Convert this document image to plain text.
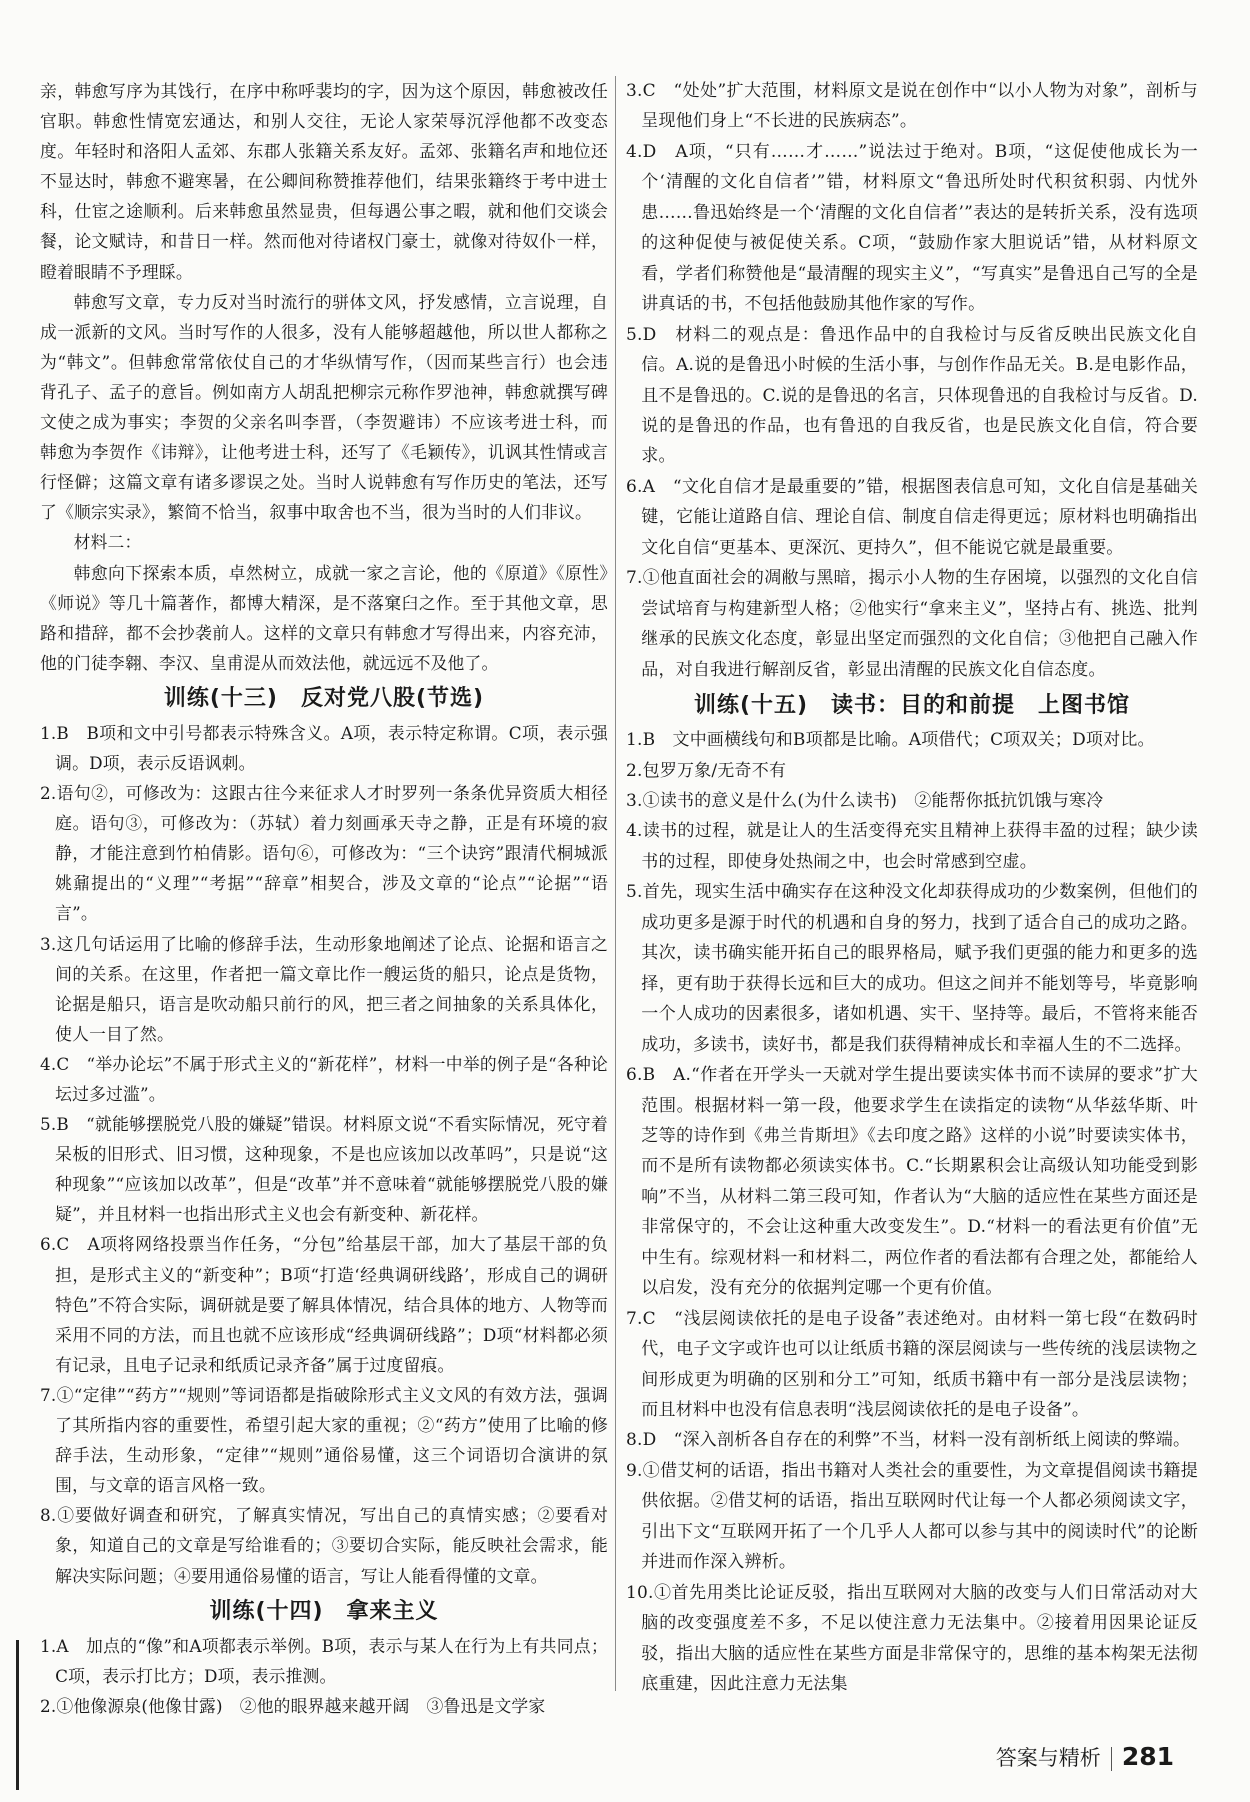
亲，韩愈写序为其饯行，在序中称呼裴均的字，因为这个原因，韩愈被改任官职。韩愈性情宽宏通达，和别人交往，无论人家荣辱沉浮他都不改变态度。年轻时和洛阳人孟郊、东郡人张籍关系友好。孟郊、张籍名声和地位还不显达时，韩愈不避寒暑，在公卿间称赞推荐他们，结果张籍终于考中进士科，仕宦之途顺利。后来韩愈虽然显贵，但每遇公事之暇，就和他们交谈会餐，论文赋诗，和昔日一样。然而他对待诸权门豪士，就像对待奴仆一样，瞪着眼睛不予理睬。

韩愈写文章，专力反对当时流行的骈体文风，抒发感情，立言说理，自成一派新的文风。当时写作的人很多，没有人能够超越他，所以世人都称之为“韩文”。但韩愈常常依仗自己的才华纵情写作，（因而某些言行）也会违背孔子、孟子的意旨。例如南方人胡乱把柳宗元称作罗池神，韩愈就撰写碑文使之成为事实；李贺的父亲名叫李晋，（李贺避讳）不应该考进士科，而韩愈为李贺作《讳辩》，让他考进士科，还写了《毛颖传》，讥讽其性情或言行怪僻；这篇文章有诸多谬误之处。当时人说韩愈有写作历史的笔法，还写了《顺宗实录》，繁简不恰当，叙事中取舍也不当，很为当时的人们非议。

材料二：

韩愈向下探索本质，卓然树立，成就一家之言论，他的《原道》《原性》《师说》等几十篇著作，都博大精深，是不落窠臼之作。至于其他文章，思路和措辞，都不会抄袭前人。这样的文章只有韩愈才写得出来，内容充沛，他的门徒李翱、李汉、皇甫湜从而效法他，就远远不及他了。

训练(十三)　反对党八股(节选)

1.B　B项和文中引号都表示特殊含义。A项，表示特定称谓。C项，表示强调。D项，表示反语讽刺。

2.语句②，可修改为：这跟古往今来征求人才时罗列一条条优异资质大相径庭。语句③，可修改为：（苏轼）着力刻画承天寺之静，正是有环境的寂静，才能注意到竹柏倩影。语句⑥，可修改为：“三个诀窍”跟清代桐城派姚鼐提出的“义理”“考据”“辞章”相契合，涉及文章的“论点”“论据”“语言”。

3.这几句话运用了比喻的修辞手法，生动形象地阐述了论点、论据和语言之间的关系。在这里，作者把一篇文章比作一艘运货的船只，论点是货物，论据是船只，语言是吹动船只前行的风，把三者之间抽象的关系具体化，使人一目了然。

4.C　“举办论坛”不属于形式主义的“新花样”，材料一中举的例子是“各种论坛过多过滥”。

5.B　“就能够摆脱党八股的嫌疑”错误。材料原文说“不看实际情况，死守着呆板的旧形式、旧习惯，这种现象，不是也应该加以改革吗”，只是说“这种现象”“应该加以改革”，但是“改革”并不意味着“就能够摆脱党八股的嫌疑”，并且材料一也指出形式主义也会有新变种、新花样。

6.C　A项将网络投票当作任务，“分包”给基层干部，加大了基层干部的负担，是形式主义的“新变种”；B项“打造‘经典调研线路’，形成自己的调研特色”不符合实际，调研就是要了解具体情况，结合具体的地方、人物等而采用不同的方法，而且也就不应该形成“经典调研线路”；D项“材料都必须有记录，且电子记录和纸质记录齐备”属于过度留痕。

7.①“定律”“药方”“规则”等词语都是指破除形式主义文风的有效方法，强调了其所指内容的重要性，希望引起大家的重视；②“药方”使用了比喻的修辞手法，生动形象，“定律”“规则”通俗易懂，这三个词语切合演讲的氛围，与文章的语言风格一致。

8.①要做好调查和研究，了解真实情况，写出自己的真情实感；②要看对象，知道自己的文章是写给谁看的；③要切合实际，能反映社会需求，能解决实际问题；④要用通俗易懂的语言，写让人能看得懂的文章。

训练(十四)　拿来主义

1.A　加点的“像”和A项都表示举例。B项，表示与某人在行为上有共同点；C项，表示打比方；D项，表示推测。

2.①他像源泉(他像甘露)　②他的眼界越来越开阔　③鲁迅是文学家

3.C　“处处”扩大范围，材料原文是说在创作中“以小人物为对象”，剖析与呈现他们身上“不长进的民族病态”。

4.D　A项，“只有……才……”说法过于绝对。B项，“这促使他成长为一个‘清醒的文化自信者’”错，材料原文“鲁迅所处时代积贫积弱、内忧外患……鲁迅始终是一个‘清醒的文化自信者’”表达的是转折关系，没有选项的这种促使与被促使关系。C项，“鼓励作家大胆说话”错，从材料原文看，学者们称赞他是“最清醒的现实主义”，“写真实”是鲁迅自己写的全是讲真话的书，不包括他鼓励其他作家的写作。

5.D　材料二的观点是：鲁迅作品中的自我检讨与反省反映出民族文化自信。A.说的是鲁迅小时候的生活小事，与创作作品无关。B.是电影作品，且不是鲁迅的。C.说的是鲁迅的名言，只体现鲁迅的自我检讨与反省。D.说的是鲁迅的作品，也有鲁迅的自我反省，也是民族文化自信，符合要求。

6.A　“文化自信才是最重要的”错，根据图表信息可知，文化自信是基础关键，它能让道路自信、理论自信、制度自信走得更远；原材料也明确指出文化自信“更基本、更深沉、更持久”，但不能说它就是最重要。

7.①他直面社会的凋敝与黑暗，揭示小人物的生存困境，以强烈的文化自信尝试培育与构建新型人格；②他实行“拿来主义”，坚持占有、挑选、批判继承的民族文化态度，彰显出坚定而强烈的文化自信；③他把自己融入作品，对自我进行解剖反省，彰显出清醒的民族文化自信态度。

训练(十五)　读书：目的和前提　上图书馆

1.B　文中画横线句和B项都是比喻。A项借代；C项双关；D项对比。

2.包罗万象/无奇不有

3.①读书的意义是什么(为什么读书)　②能帮你抵抗饥饿与寒冷

4.读书的过程，就是让人的生活变得充实且精神上获得丰盈的过程；缺少读书的过程，即使身处热闹之中，也会时常感到空虚。

5.首先，现实生活中确实存在这种没文化却获得成功的少数案例，但他们的成功更多是源于时代的机遇和自身的努力，找到了适合自己的成功之路。其次，读书确实能开拓自己的眼界格局，赋予我们更强的能力和更多的选择，更有助于获得长远和巨大的成功。但这之间并不能划等号，毕竟影响一个人成功的因素很多，诸如机遇、实干、坚持等。最后，不管将来能否成功，多读书，读好书，都是我们获得精神成长和幸福人生的不二选择。

6.B　A.“作者在开学头一天就对学生提出要读实体书而不读屏的要求”扩大范围。根据材料一第一段，他要求学生在读指定的读物“从华兹华斯、叶芝等的诗作到《弗兰肯斯坦》《去印度之路》这样的小说”时要读实体书，而不是所有读物都必须读实体书。C.“长期累积会让高级认知功能受到影响”不当，从材料二第三段可知，作者认为“大脑的适应性在某些方面还是非常保守的，不会让这种重大改变发生”。D.“材料一的看法更有价值”无中生有。综观材料一和材料二，两位作者的看法都有合理之处，都能给人以启发，没有充分的依据判定哪一个更有价值。

7.C　“浅层阅读依托的是电子设备”表述绝对。由材料一第七段“在数码时代，电子文字或许也可以让纸质书籍的深层阅读与一些传统的浅层读物之间形成更为明确的区别和分工”可知，纸质书籍中有一部分是浅层读物；而且材料中也没有信息表明“浅层阅读依托的是电子设备”。

8.D　“深入剖析各自存在的利弊”不当，材料一没有剖析纸上阅读的弊端。

9.①借艾柯的话语，指出书籍对人类社会的重要性，为文章提倡阅读书籍提供依据。②借艾柯的话语，指出互联网时代让每一个人都必须阅读文字，引出下文“互联网开拓了一个几乎人人都可以参与其中的阅读时代”的论断并进而作深入辨析。

10.①首先用类比论证反驳，指出互联网对大脑的改变与人们日常活动对大脑的改变强度差不多，不足以使注意力无法集中。②接着用因果论证反驳，指出大脑的适应性在某些方面是非常保守的，思维的基本构架无法彻底重建，因此注意力无法集

答案与精析 281
